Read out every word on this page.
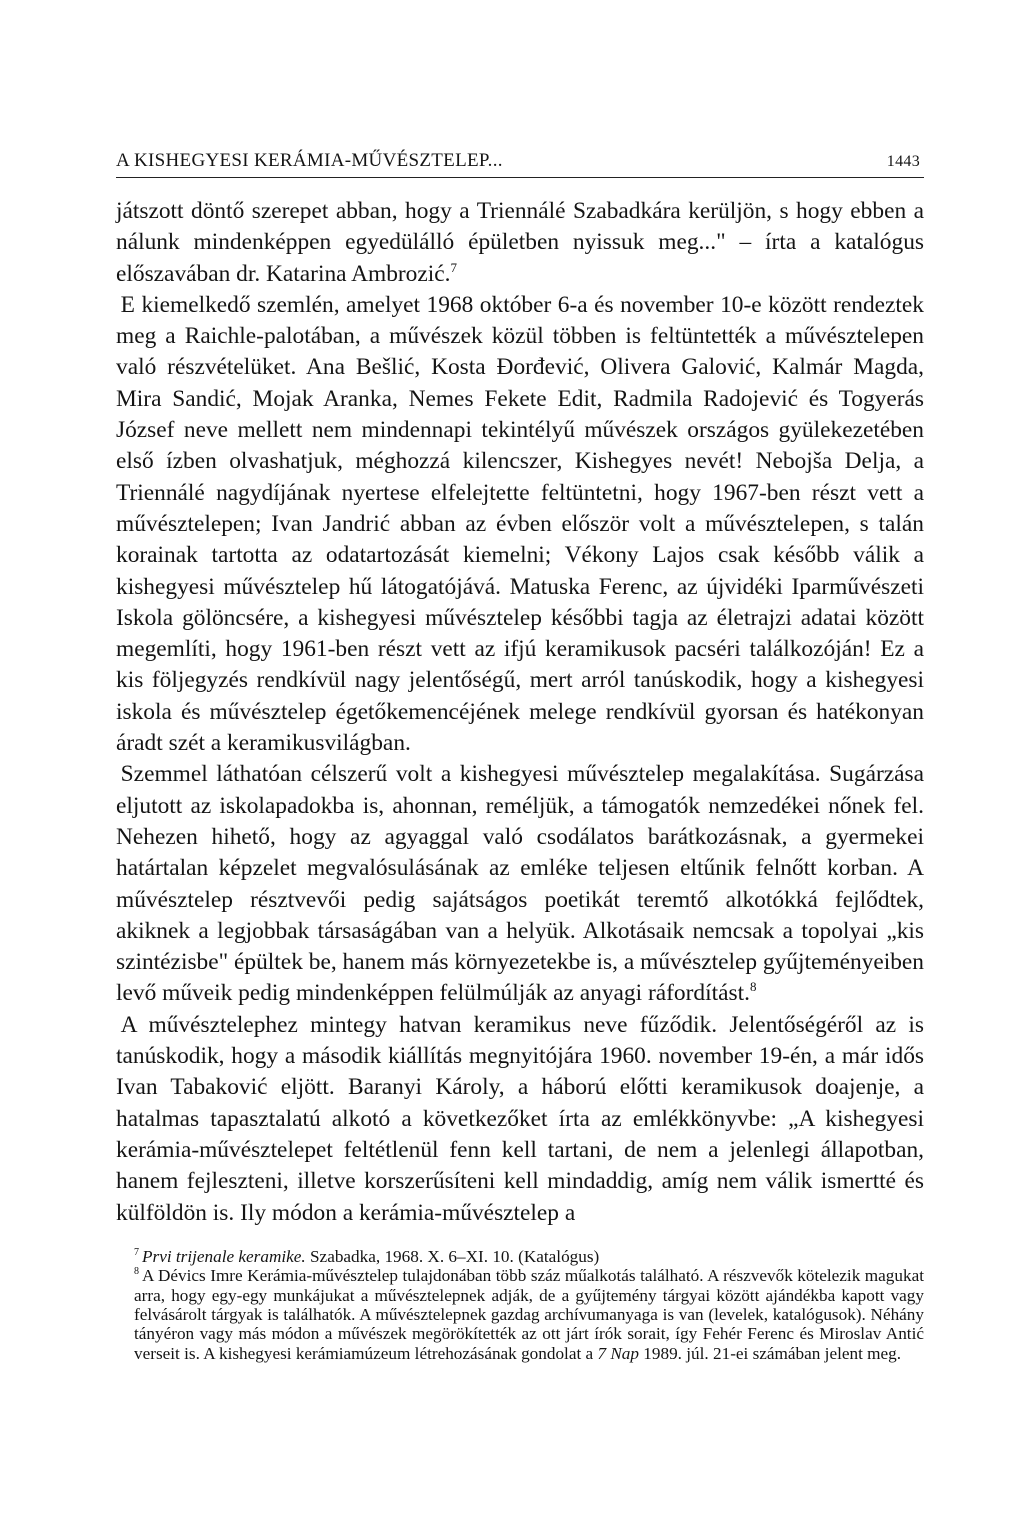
A KISHEGYESI KERÁMIA-MŰVÉSZTELEP...	1443

játszott döntő szerepet abban, hogy a Triennálé Szabadkára kerüljön, s hogy ebben a nálunk mindenképpen egyedülálló épületben nyissuk meg..." – írta a katalógus előszavában dr. Katarina Ambrozić.$^7$

E kiemelkedő szemlén, amelyet 1968 október 6-a és november 10-e között rendeztek meg a Raichle-palotában, a művészek közül többen is feltüntették a művésztelepen való részvételüket. Ana Bešlić, Kosta Đorđević, Olivera Galović, Kalmár Magda, Mira Sandić, Mojak Aranka, Nemes Fekete Edit, Radmila Radojević és Togyerás József neve mellett nem mindennapi tekintélyű művészek országos gyülekezetében első ízben olvashatjuk, méghozzá kilencszer, Kishegyes nevét! Nebojša Delja, a Triennálé nagydíjának nyertese elfelejtette feltüntetni, hogy 1967-ben részt vett a művésztelepen; Ivan Jandrić abban az évben először volt a művésztelepen, s talán korainak tartotta az odatartozását kiemelni; Vékony Lajos csak később válik a kishegyesi művésztelep hű látogatójává. Matuska Ferenc, az újvidéki Iparművészeti Iskola gölöncsére, a kishegyesi művésztelep későbbi tagja az életrajzi adatai között megemlíti, hogy 1961-ben részt vett az ifjú keramikusok pacséri találkozóján! Ez a kis följegyzés rendkívül nagy jelentőségű, mert arról tanúskodik, hogy a kishegyesi iskola és művésztelep égetőkemencéjének melege rendkívül gyorsan és hatékonyan áradt szét a keramikusvilágban.

Szemmel láthatóan célszerű volt a kishegyesi művésztelep megalakítása. Sugárzása eljutott az iskolapadokba is, ahonnan, reméljük, a támogatók nemzedékei nőnek fel. Nehezen hihető, hogy az agyaggal való csodálatos barátkozásnak, a gyermekei határtalan képzelet megvalósulásának az emléke teljesen eltűnik felnőtt korban. A művésztelep résztvevői pedig sajátságos poetikát teremtő alkotókká fejlődtek, akiknek a legjobbak társaságában van a helyük. Alkotásaik nemcsak a topolyai „kis szintézisbe" épültek be, hanem más környezetekbe is, a művésztelep gyűjteményeiben levő műveik pedig mindenképpen felülmúlják az anyagi ráfordítást.$^8$

A művésztelephez mintegy hatvan keramikus neve fűződik. Jelentőségéről az is tanúskodik, hogy a második kiállítás megnyitójára 1960. november 19-én, a már idős Ivan Tabaković eljött. Baranyi Károly, a háború előtti keramikusok doajenje, a hatalmas tapasztalatú alkotó a következőket írta az emlékkönyvbe: „A kishegyesi kerámia-művésztelepet feltétlenül fenn kell tartani, de nem a jelenlegi állapotban, hanem fejleszteni, illetve korszerűsíteni kell mindaddig, amíg nem válik ismertté és külföldön is. Ily módon a kerámia-művésztelep a

$^7$ Prvi trijenale keramike. Szabadka, 1968. X. 6–XI. 10. (Katalógus)

$^8$ A Dévics Imre Kerámia-művésztelep tulajdonában több száz műalkotás található. A részvevők kötelezik magukat arra, hogy egy-egy munkájukat a művésztelepnek adják, de a gyűjtemény tárgyai között ajándékba kapott vagy felvásárolt tárgyak is találhatók. A művésztelepnek gazdag archívumanyaga is van (levelek, katalógusok). Néhány tányéron vagy más módon a művészek megörökítették az ott járt írók sorait, így Fehér Ferenc és Miroslav Antić verseit is. A kishegyesi kerámiamúzeum létrehozásának gondolat a 7 Nap 1989. júl. 21-ei számában jelent meg.
